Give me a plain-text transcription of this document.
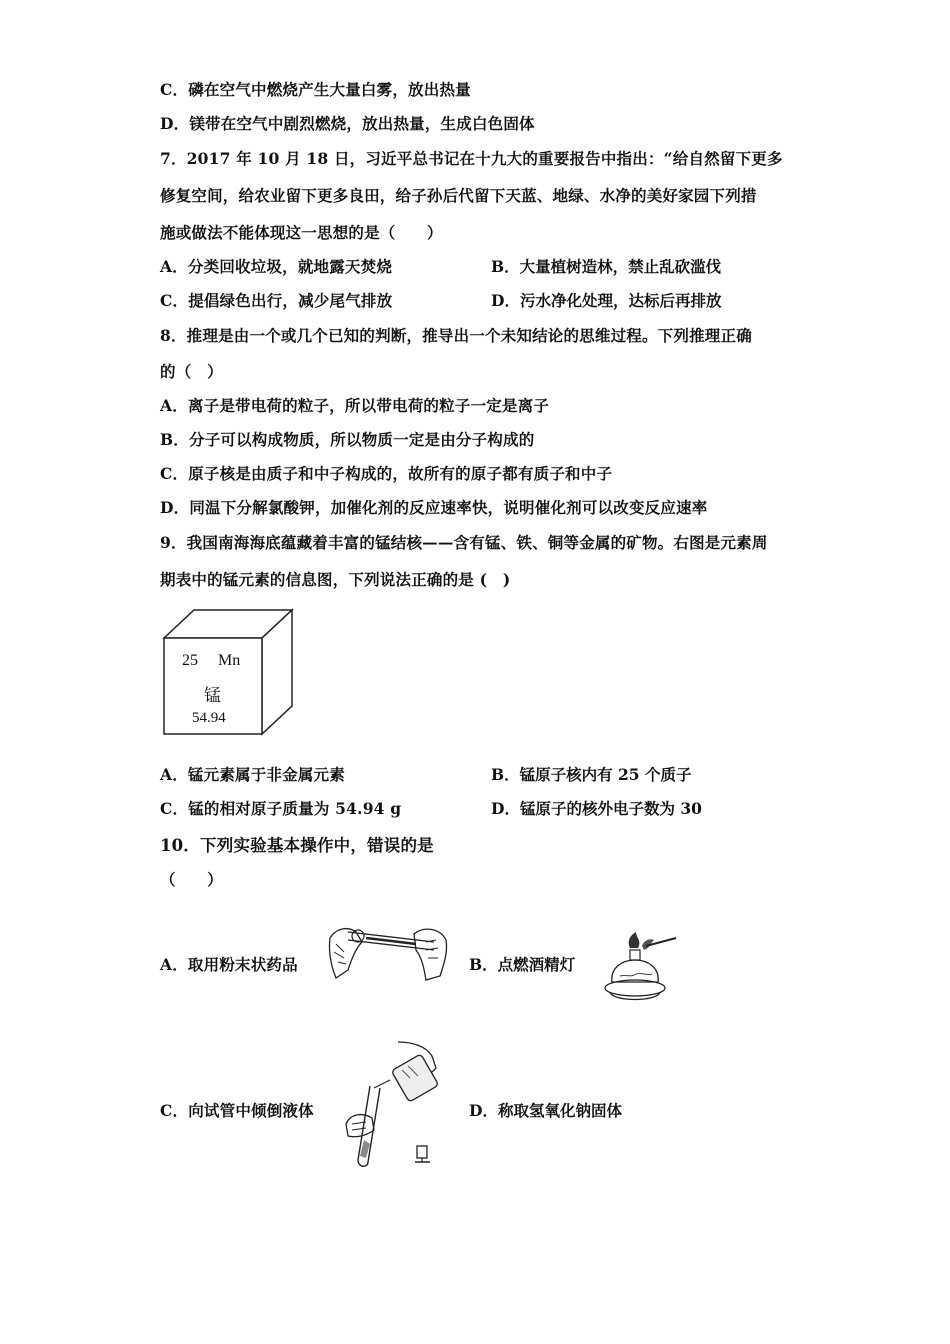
C．磷在空气中燃烧产生大量白雾，放出热量
D．镁带在空气中剧烈燃烧，放出热量，生成白色固体
7．2017 年 10 月 18 日，习近平总书记在十九大的重要报告中指出：“给自然留下更多
修复空间，给农业留下更多良田，给子孙后代留下天蓝、地绿、水净的美好家园下列措
施或做法不能体现这一思想的是（　　）
A．分类回收垃圾，就地露天焚烧	B．大量植树造林，禁止乱砍滥伐
C．提倡绿色出行，减少尾气排放	D．污水净化处理，达标后再排放
8．推理是由一个或几个已知的判断，推导出一个未知结论的思维过程。下列推理正确
的（　）
A．离子是带电荷的粒子，所以带电荷的粒子一定是离子
B．分子可以构成物质，所以物质一定是由分子构成的
C．原子核是由质子和中子构成的，故所有的原子都有质子和中子
D．同温下分解氯酸钾，加催化剂的反应速率快，说明催化剂可以改变反应速率
9．我国南海海底蕴藏着丰富的锰结核——含有锰、铁、铜等金属的矿物。右图是元素周
期表中的锰元素的信息图，下列说法正确的是 (　)
25 Mn
锰
54.94
A．锰元素属于非金属元素	B．锰原子核内有 25 个质子
C．锰的相对原子质量为 54.94 g	D．锰原子的核外电子数为 30
10．下列实验基本操作中，错误的是
（　　）
A．取用粉末状药品	B．点燃酒精灯
C．向试管中倾倒液体	D．称取氢氧化钠固体
